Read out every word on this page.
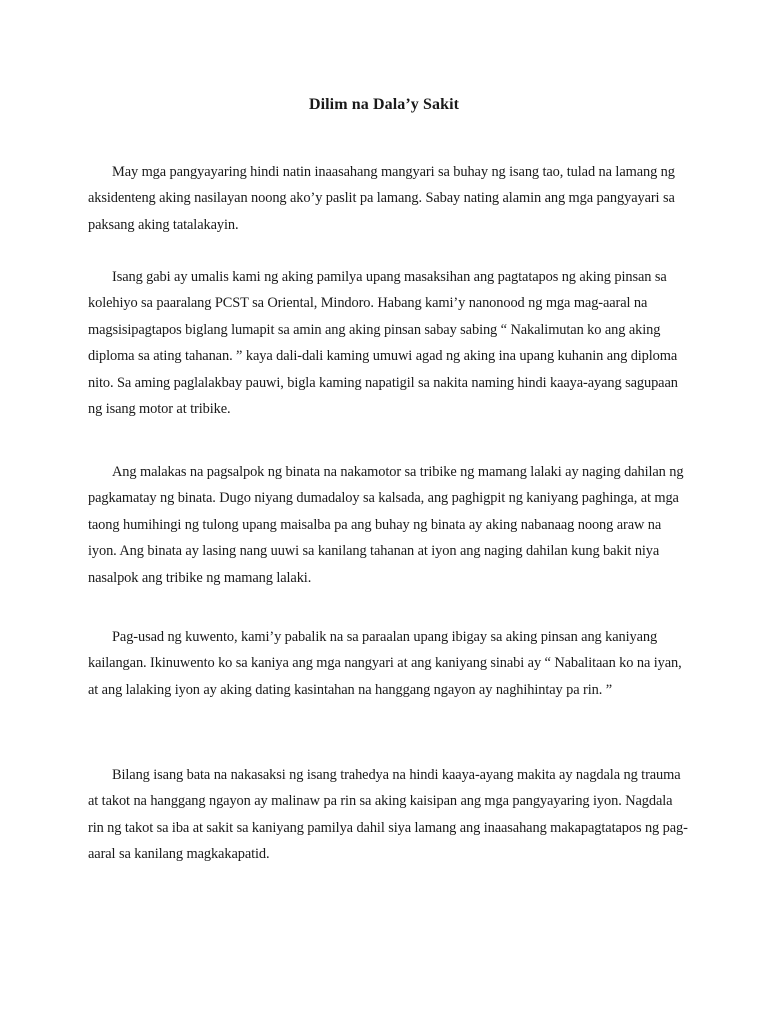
Dilim na Dala’y Sakit

May mga pangyayaring hindi natin inaasahang mangyari sa buhay ng isang tao, tulad na lamang ng aksidenteng aking nasilayan noong ako’y paslit pa lamang. Sabay nating alamin ang mga pangyayari sa paksang aking tatalakayin.

Isang gabi ay umalis kami ng aking pamilya upang masaksihan ang pagtatapos ng aking pinsan sa kolehiyo sa paaralang PCST sa Oriental, Mindoro. Habang kami’y nanonood ng mga mag-aaral na magsisipagtapos biglang lumapit sa amin ang aking pinsan sabay sabing “ Nakalimutan ko ang aking diploma sa ating tahanan. ” kaya dali-dali kaming umuwi agad ng aking ina upang kuhanin ang diploma nito. Sa aming paglalakbay pauwi, bigla kaming napatigil sa nakita naming hindi kaaya-ayang sagupaan ng isang motor at tribike.

Ang malakas na pagsalpok ng binata na nakamotor sa tribike ng mamang lalaki ay naging dahilan ng pagkamatay ng binata. Dugo niyang dumadaloy sa kalsada, ang paghigpit ng kaniyang paghinga, at mga taong humihingi ng tulong upang maisalba pa ang buhay ng binata ay aking nabanaag noong araw na iyon. Ang binata ay lasing nang uuwi sa kanilang tahanan at iyon ang naging dahilan kung bakit niya nasalpok ang tribike ng mamang lalaki.

Pag-usad ng kuwento, kami’y pabalik na sa paraalan upang ibigay sa aking pinsan ang kaniyang kailangan. Ikinuwento ko sa kaniya ang mga nangyari at ang kaniyang sinabi ay “ Nabalitaan ko na iyan, at ang lalaking iyon ay aking dating kasintahan na hanggang ngayon ay naghihintay pa rin. ”

Bilang isang bata na nakasaksi ng isang trahedya na hindi kaaya-ayang makita ay nagdala ng trauma at takot na hanggang ngayon ay malinaw pa rin sa aking kaisipan ang mga pangyayaring iyon. Nagdala rin ng takot sa iba at sakit sa kaniyang pamilya dahil siya lamang ang inaasahang makapagtatapos ng pag-aaral sa kanilang magkakapatid.
